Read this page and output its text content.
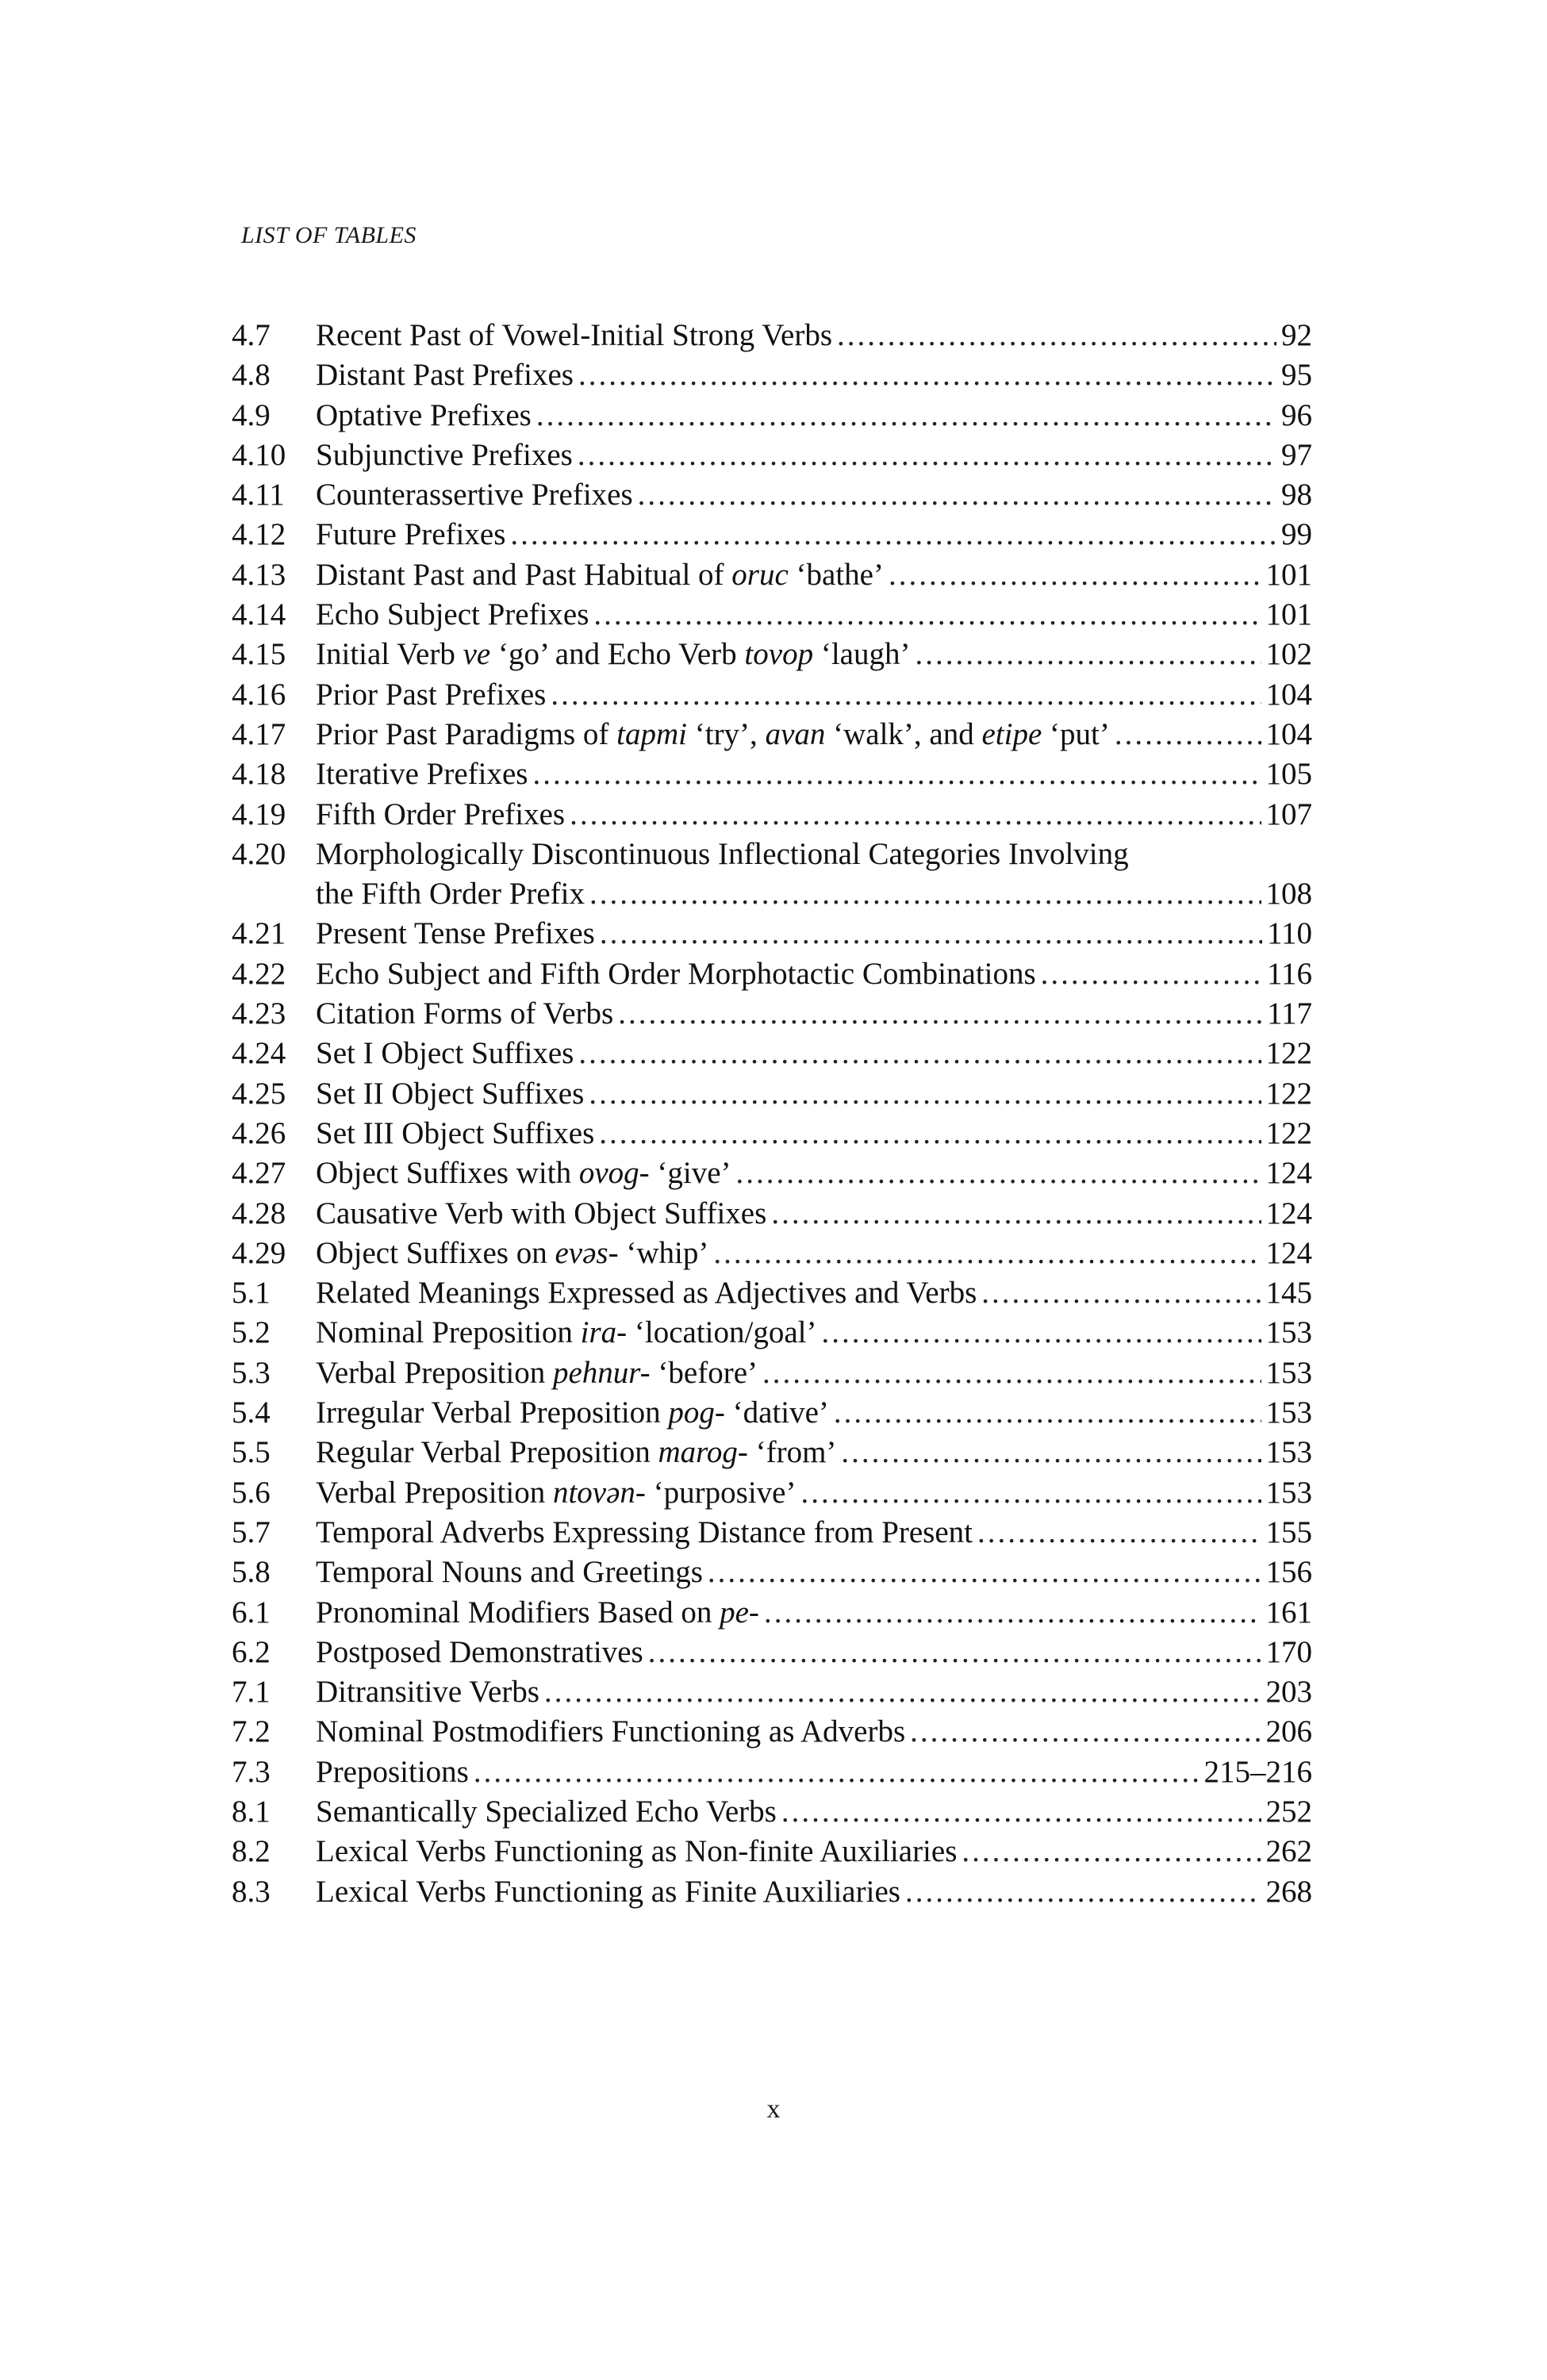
LIST OF TABLES
4.7 Recent Past of Vowel-Initial Strong Verbs .....	92
4.8 Distant Past Prefixes .....	95
4.9 Optative Prefixes .....	96
4.10 Subjunctive Prefixes .....	97
4.11 Counterassertive Prefixes .....	98
4.12 Future Prefixes .....	99
4.13 Distant Past and Past Habitual of oruc ‘bathe’ .....	101
4.14 Echo Subject Prefixes .....	101
4.15 Initial Verb ve ‘go’ and Echo Verb tovop ‘laugh’ .....	102
4.16 Prior Past Prefixes .....	104
4.17 Prior Past Paradigms of tapmi ‘try’, avan ‘walk’, and etipe ‘put’ .....	104
4.18 Iterative Prefixes .....	105
4.19 Fifth Order Prefixes .....	107
4.20 Morphologically Discontinuous Inflectional Categories Involving
the Fifth Order Prefix .....	108
4.21 Present Tense Prefixes .....	110
4.22 Echo Subject and Fifth Order Morphotactic Combinations .....	116
4.23 Citation Forms of Verbs .....	117
4.24 Set I Object Suffixes .....	122
4.25 Set II Object Suffixes .....	122
4.26 Set III Object Suffixes .....	122
4.27 Object Suffixes with ovog- ‘give’ .....	124
4.28 Causative Verb with Object Suffixes .....	124
4.29 Object Suffixes on evəs- ‘whip’ .....	124
5.1 Related Meanings Expressed as Adjectives and Verbs .....	145
5.2 Nominal Preposition ira- ‘location/goal’ .....	153
5.3 Verbal Preposition pehnur- ‘before’ .....	153
5.4 Irregular Verbal Preposition pog- ‘dative’ .....	153
5.5 Regular Verbal Preposition marog- ‘from’ .....	153
5.6 Verbal Preposition ntovən- ‘purposive’ .....	153
5.7 Temporal Adverbs Expressing Distance from Present .....	155
5.8 Temporal Nouns and Greetings .....	156
6.1 Pronominal Modifiers Based on pe- .....	161
6.2 Postposed Demonstratives .....	170
7.1 Ditransitive Verbs .....	203
7.2 Nominal Postmodifiers Functioning as Adverbs .....	206
7.3 Prepositions .....	215–216
8.1 Semantically Specialized Echo Verbs .....	252
8.2 Lexical Verbs Functioning as Non-finite Auxiliaries .....	262
8.3 Lexical Verbs Functioning as Finite Auxiliaries .....	268
x
